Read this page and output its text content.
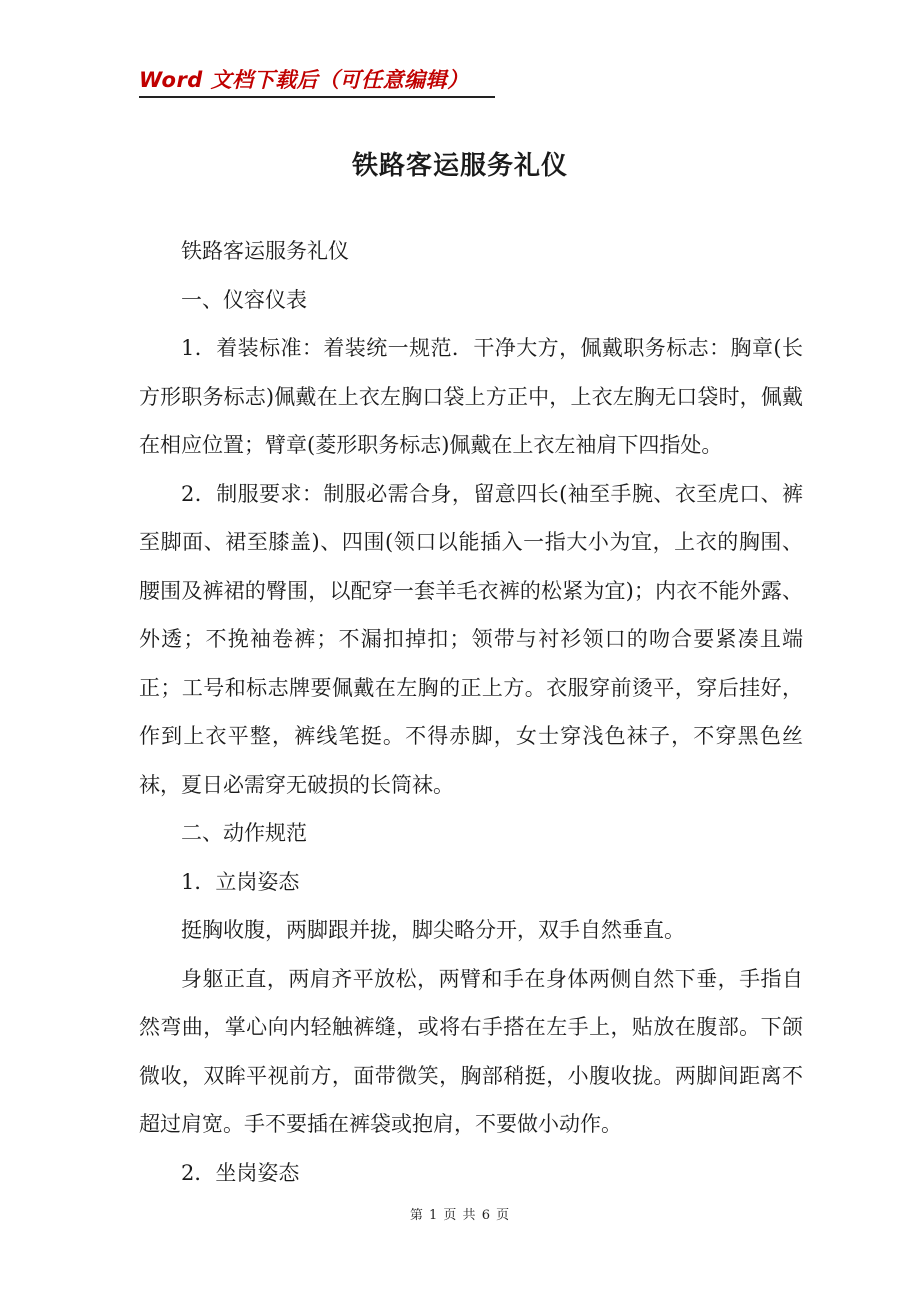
Word 文档下载后（可任意编辑）
铁路客运服务礼仪

铁路客运服务礼仪

一、仪容仪表

1．着装标准：着装统一规范．干净大方，佩戴职务标志：胸章(长方形职务标志)佩戴在上衣左胸口袋上方正中，上衣左胸无口袋时，佩戴在相应位置；臂章(菱形职务标志)佩戴在上衣左袖肩下四指处。

2．制服要求：制服必需合身，留意四长(袖至手腕、衣至虎口、裤至脚面、裙至膝盖)、四围(领口以能插入一指大小为宜，上衣的胸围、腰围及裤裙的臀围，以配穿一套羊毛衣裤的松紧为宜)；内衣不能外露、外透；不挽袖卷裤；不漏扣掉扣；领带与衬衫领口的吻合要紧凑且端正；工号和标志牌要佩戴在左胸的正上方。衣服穿前烫平，穿后挂好，作到上衣平整，裤线笔挺。不得赤脚，女士穿浅色袜子，不穿黑色丝袜，夏日必需穿无破损的长筒袜。

二、动作规范

1．立岗姿态

挺胸收腹，两脚跟并拢，脚尖略分开，双手自然垂直。

身躯正直，两肩齐平放松，两臂和手在身体两侧自然下垂，手指自然弯曲，掌心向内轻触裤缝，或将右手搭在左手上，贴放在腹部。下颌微收，双眸平视前方，面带微笑，胸部稍挺，小腹收拢。两脚间距离不超过肩宽。手不要插在裤袋或抱肩，不要做小动作。

2．坐岗姿态

第 1 页 共 6 页
